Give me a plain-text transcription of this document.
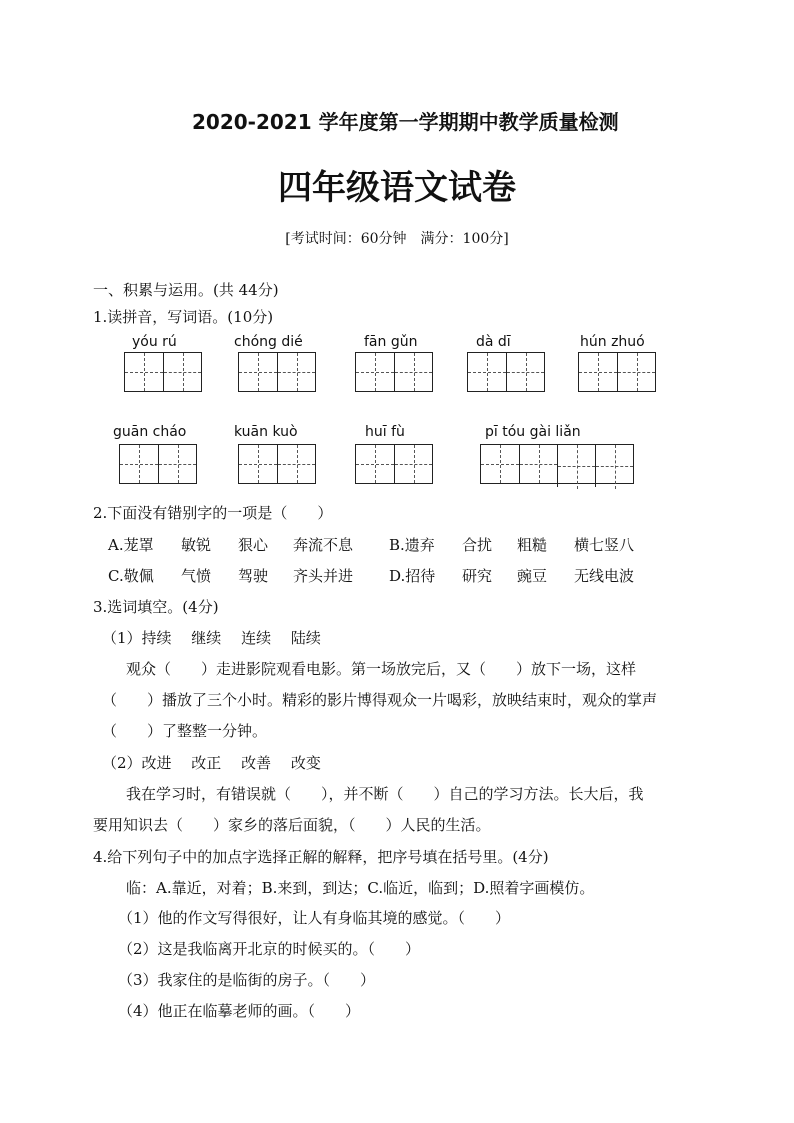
2020-2021 学年度第一学期期中教学质量检测
四年级语文试卷
[考试时间：60分钟　满分：100分]
一、积累与运用。(共 44分)
1.读拼音，写词语。(10分)
yóu rú	chóng dié	fān gǔn	dà dī	hún zhuó
guān cháo	kuān kuò	huī fù	pī tóu gài liǎn
2.下面没有错别字的一项是（　　）
A.茏罩 敏锐 狠心 奔流不息 B.遗弃 合扰 粗糙 横七竖八
C.敬佩 气愤 驾驶 齐头并进 D.招待 研究 豌豆 无线电波
3.选词填空。(4分)
（1）持续　 继续　 连续　 陆续
观众（　　）走进影院观看电影。第一场放完后，又（　　）放下一场，这样
（　　）播放了三个小时。精彩的影片博得观众一片喝彩，放映结束时，观众的掌声
（　　）了整整一分钟。
（2）改进　 改正　 改善　 改变
我在学习时，有错误就（　　），并不断（　　）自己的学习方法。长大后，我
要用知识去（　　）家乡的落后面貌，（　　）人民的生活。
4.给下列句子中的加点字选择正解的解释，把序号填在括号里。(4分)
临：A.靠近，对着；B.来到，到达；C.临近，临到；D.照着字画模仿。
（1）他的作文写得很好，让人有身临其境的感觉。（　　）
（2）这是我临离开北京的时候买的。（　　）
（3）我家住的是临街的房子。（　　）
（4）他正在临摹老师的画。（　　）
